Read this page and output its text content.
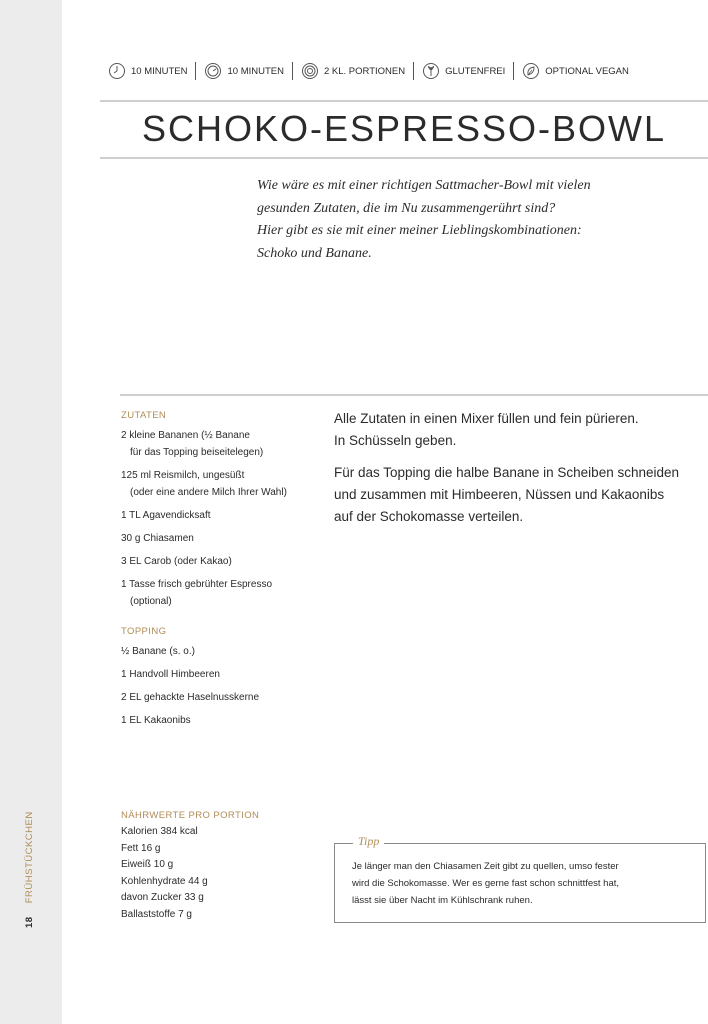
18 FRÜHSTÜCKCHEN
10 MINUTEN	10 MINUTEN	2 KL. PORTIONEN	GLUTENFREI	OPTIONAL VEGAN
SCHOKO-ESPRESSO-BOWL
Wie wäre es mit einer richtigen Sattmacher-Bowl mit vielen
gesunden Zutaten, die im Nu zusammengerührt sind?
Hier gibt es sie mit einer meiner Lieblingskombinationen:
Schoko und Banane.
ZUTATEN
2 kleine Bananen (½ Banane
für das Topping beiseitelegen)
125 ml Reismilch, ungesüßt
(oder eine andere Milch Ihrer Wahl)
1 TL Agavendicksaft
30 g Chiasamen
3 EL Carob (oder Kakao)
1 Tasse frisch gebrühter Espresso
(optional)
TOPPING
½ Banane (s. o.)
1 Handvoll Himbeeren
2 EL gehackte Haselnusskerne
1 EL Kakaonibs

Alle Zutaten in einen Mixer füllen und fein pürieren.
In Schüsseln geben.

Für das Topping die halbe Banane in Scheiben schneiden
und zusammen mit Himbeeren, Nüssen und Kakaonibs
auf der Schokomasse verteilen.

NÄHRWERTE PRO PORTION
Kalorien 384 kcal
Fett 16 g
Eiweiß 10 g
Kohlenhydrate 44 g
davon Zucker 33 g
Ballaststoffe 7 g
Tipp
Je länger man den Chiasamen Zeit gibt zu quellen, umso fester
wird die Schokomasse. Wer es gerne fast schon schnittfest hat,
lässt sie über Nacht im Kühlschrank ruhen.
